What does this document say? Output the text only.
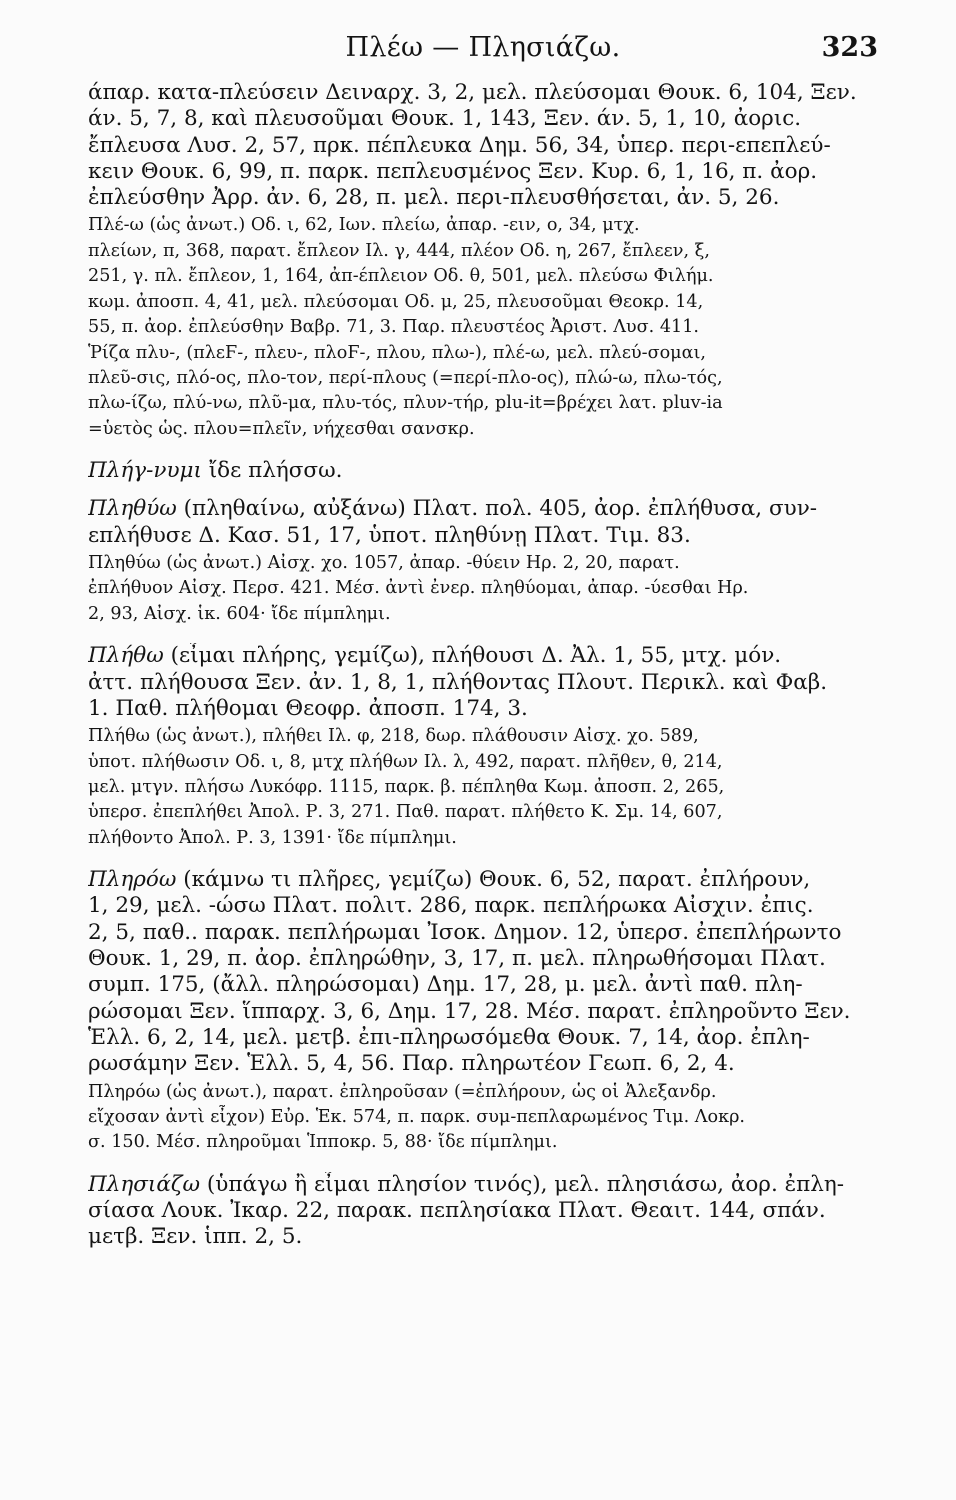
Πλέω — Πλησιάζω.	323
άπαρ. κατα-πλεύσειν Δειναρχ. 3, 2, μελ. πλεύσομαι Θουκ. 6, 104, Ξεν.
άν. 5, 7, 8, καὶ πλευσοῦμαι Θουκ. 1, 143, Ξεν. άν. 5, 1, 10, ἀοριc.
ἔπλευσα Λυσ. 2, 57, πρκ. πέπλευκα Δημ. 56, 34, ὑπερ. περι-επεπλεύ-
κειν Θουκ. 6, 99, π. παρκ. πεπλευσμένος Ξεν. Κυρ. 6, 1, 16, π. ἀορ.
ἐπλεύσθην Ἀρρ. ἀν. 6, 28, π. μελ. περι-πλευσθήσεται, ἀν. 5, 26.
Πλέ-ω (ὡς ἀνωτ.) Οδ. ι, 62, Ιων. πλείω, ἀπαρ. -ειν, ο, 34, μτχ.
πλείων, π, 368, παρατ. ἔπλεον Ιλ. γ, 444, πλέον Οδ. η, 267, ἔπλεεν, ξ,
251, γ. πλ. ἔπλεον, 1, 164, ἀπ-έπλειον Οδ. θ, 501, μελ. πλεύσω Φιλήμ.
κωμ. ἀποσπ. 4, 41, μελ. πλεύσομαι Οδ. μ, 25, πλευσοῦμαι Θεοκρ. 14,
55, π. ἀορ. ἐπλεύσθην Βαβρ. 71, 3. Παρ. πλευστέος Ἀριστ. Λυσ. 411.
Ῥίζα πλυ-, (πλεϜ-, πλευ-, πλοϜ-, πλου, πλω-), πλέ-ω, μελ. πλεύ-σομαι,
πλεῦ-σις, πλό-ος, πλο-τον, περί-πλους (=περί-πλο-ος), πλώ-ω, πλω-τός,
πλω-ίζω, πλύ-νω, πλῦ-μα, πλυ-τός, πλυν-τήρ, plu-it=βρέχει λατ. pluv-ia
=ὑετὸς ὡς. πλου=πλεῖν, νήχεσθαι σανσκρ.
Πλήγ-νυμι ἴδε πλήσσω.
Πληθύω (πληθαίνω, αὐξάνω) Πλατ. πολ. 405, ἀορ. ἐπλήθυσα, συν-
επλήθυσε Δ. Κασ. 51, 17, ὑποτ. πληθύνῃ Πλατ. Τιμ. 83.
Πληθύω (ὡς ἀνωτ.) Αἰσχ. χο. 1057, ἀπαρ. -θύειν Ηρ. 2, 20, παρατ.
ἐπλήθυον Αἰσχ. Περσ. 421. Μέσ. ἀντὶ ἐνερ. πληθύομαι, ἀπαρ. -ύεσθαι Ηρ.
2, 93, Αἰσχ. ἱκ. 604· ἴδε πίμπλημι.
Πλήθω (εἶμαι πλήρης, γεμίζω), πλήθουσι Δ. Ἀλ. 1, 55, μτχ. μόν.
ἀττ. πλήθουσα Ξεν. ἀν. 1, 8, 1, πλήθοντας Πλουτ. Περικλ. καὶ Φαβ.
1. Παθ. πλήθομαι Θεοφρ. ἀποσπ. 174, 3.
Πλήθω (ὡς ἀνωτ.), πλήθει Ιλ. φ, 218, δωρ. πλάθουσιν Αἰσχ. χο. 589,
ὑποτ. πλήθωσιν Οδ. ι, 8, μτχ πλήθων Ιλ. λ, 492, παρατ. πλῆθεν, θ, 214,
μελ. μτγν. πλήσω Λυκόφρ. 1115, παρκ. β. πέπληθα Κωμ. ἀποσπ. 2, 265,
ὑπερσ. ἐπεπλήθει Ἀπολ. Ρ. 3, 271. Παθ. παρατ. πλήθετο Κ. Σμ. 14, 607,
πλήθοντο Ἀπολ. Ρ. 3, 1391· ἴδε πίμπλημι.
Πληρόω (κάμνω τι πλῆρες, γεμίζω) Θουκ. 6, 52, παρατ. ἐπλήρουν,
1, 29, μελ. -ώσω Πλατ. πολιτ. 286, παρκ. πεπλήρωκα Αἰσχιν. ἐπις.
2, 5, παθ.. παρακ. πεπλήρωμαι Ἰσοκ. Δημον. 12, ὑπερσ. ἐπεπλήρωντο
Θουκ. 1, 29, π. ἀορ. ἐπληρώθην, 3, 17, π. μελ. πληρωθήσομαι Πλατ.
συμπ. 175, (ἄλλ. πληρώσομαι) Δημ. 17, 28, μ. μελ. ἀντὶ παθ. πλη-
ρώσομαι Ξεν. ἵππαρχ. 3, 6, Δημ. 17, 28. Μέσ. παρατ. ἐπληροῦντο Ξεν.
Ἑλλ. 6, 2, 14, μελ. μετβ. ἐπι-πληρωσόμεθα Θουκ. 7, 14, ἀορ. ἐπλη-
ρωσάμην Ξεν. Ἑλλ. 5, 4, 56. Παρ. πληρωτέον Γεωπ. 6, 2, 4.
Πληρόω (ὡς ἀνωτ.), παρατ. ἐπληροῦσαν (=ἐπλήρουν, ὡς οἱ Ἀλεξανδρ.
εἴχοσαν ἀντὶ εἶχον) Εὐρ. Ἑκ. 574, π. παρκ. συμ-πεπλαρωμένος Τιμ. Λοκρ.
σ. 150. Μέσ. πληροῦμαι Ἱπποκρ. 5, 88· ἴδε πίμπλημι.
Πλησιάζω (ὑπάγω ἢ εἶμαι πλησίον τινός), μελ. πλησιάσω, ἀορ. ἐπλη-
σίασα Λουκ. Ἰκαρ. 22, παρακ. πεπλησίακα Πλατ. Θεαιτ. 144, σπάν.
μετβ. Ξεν. ἱππ. 2, 5.
